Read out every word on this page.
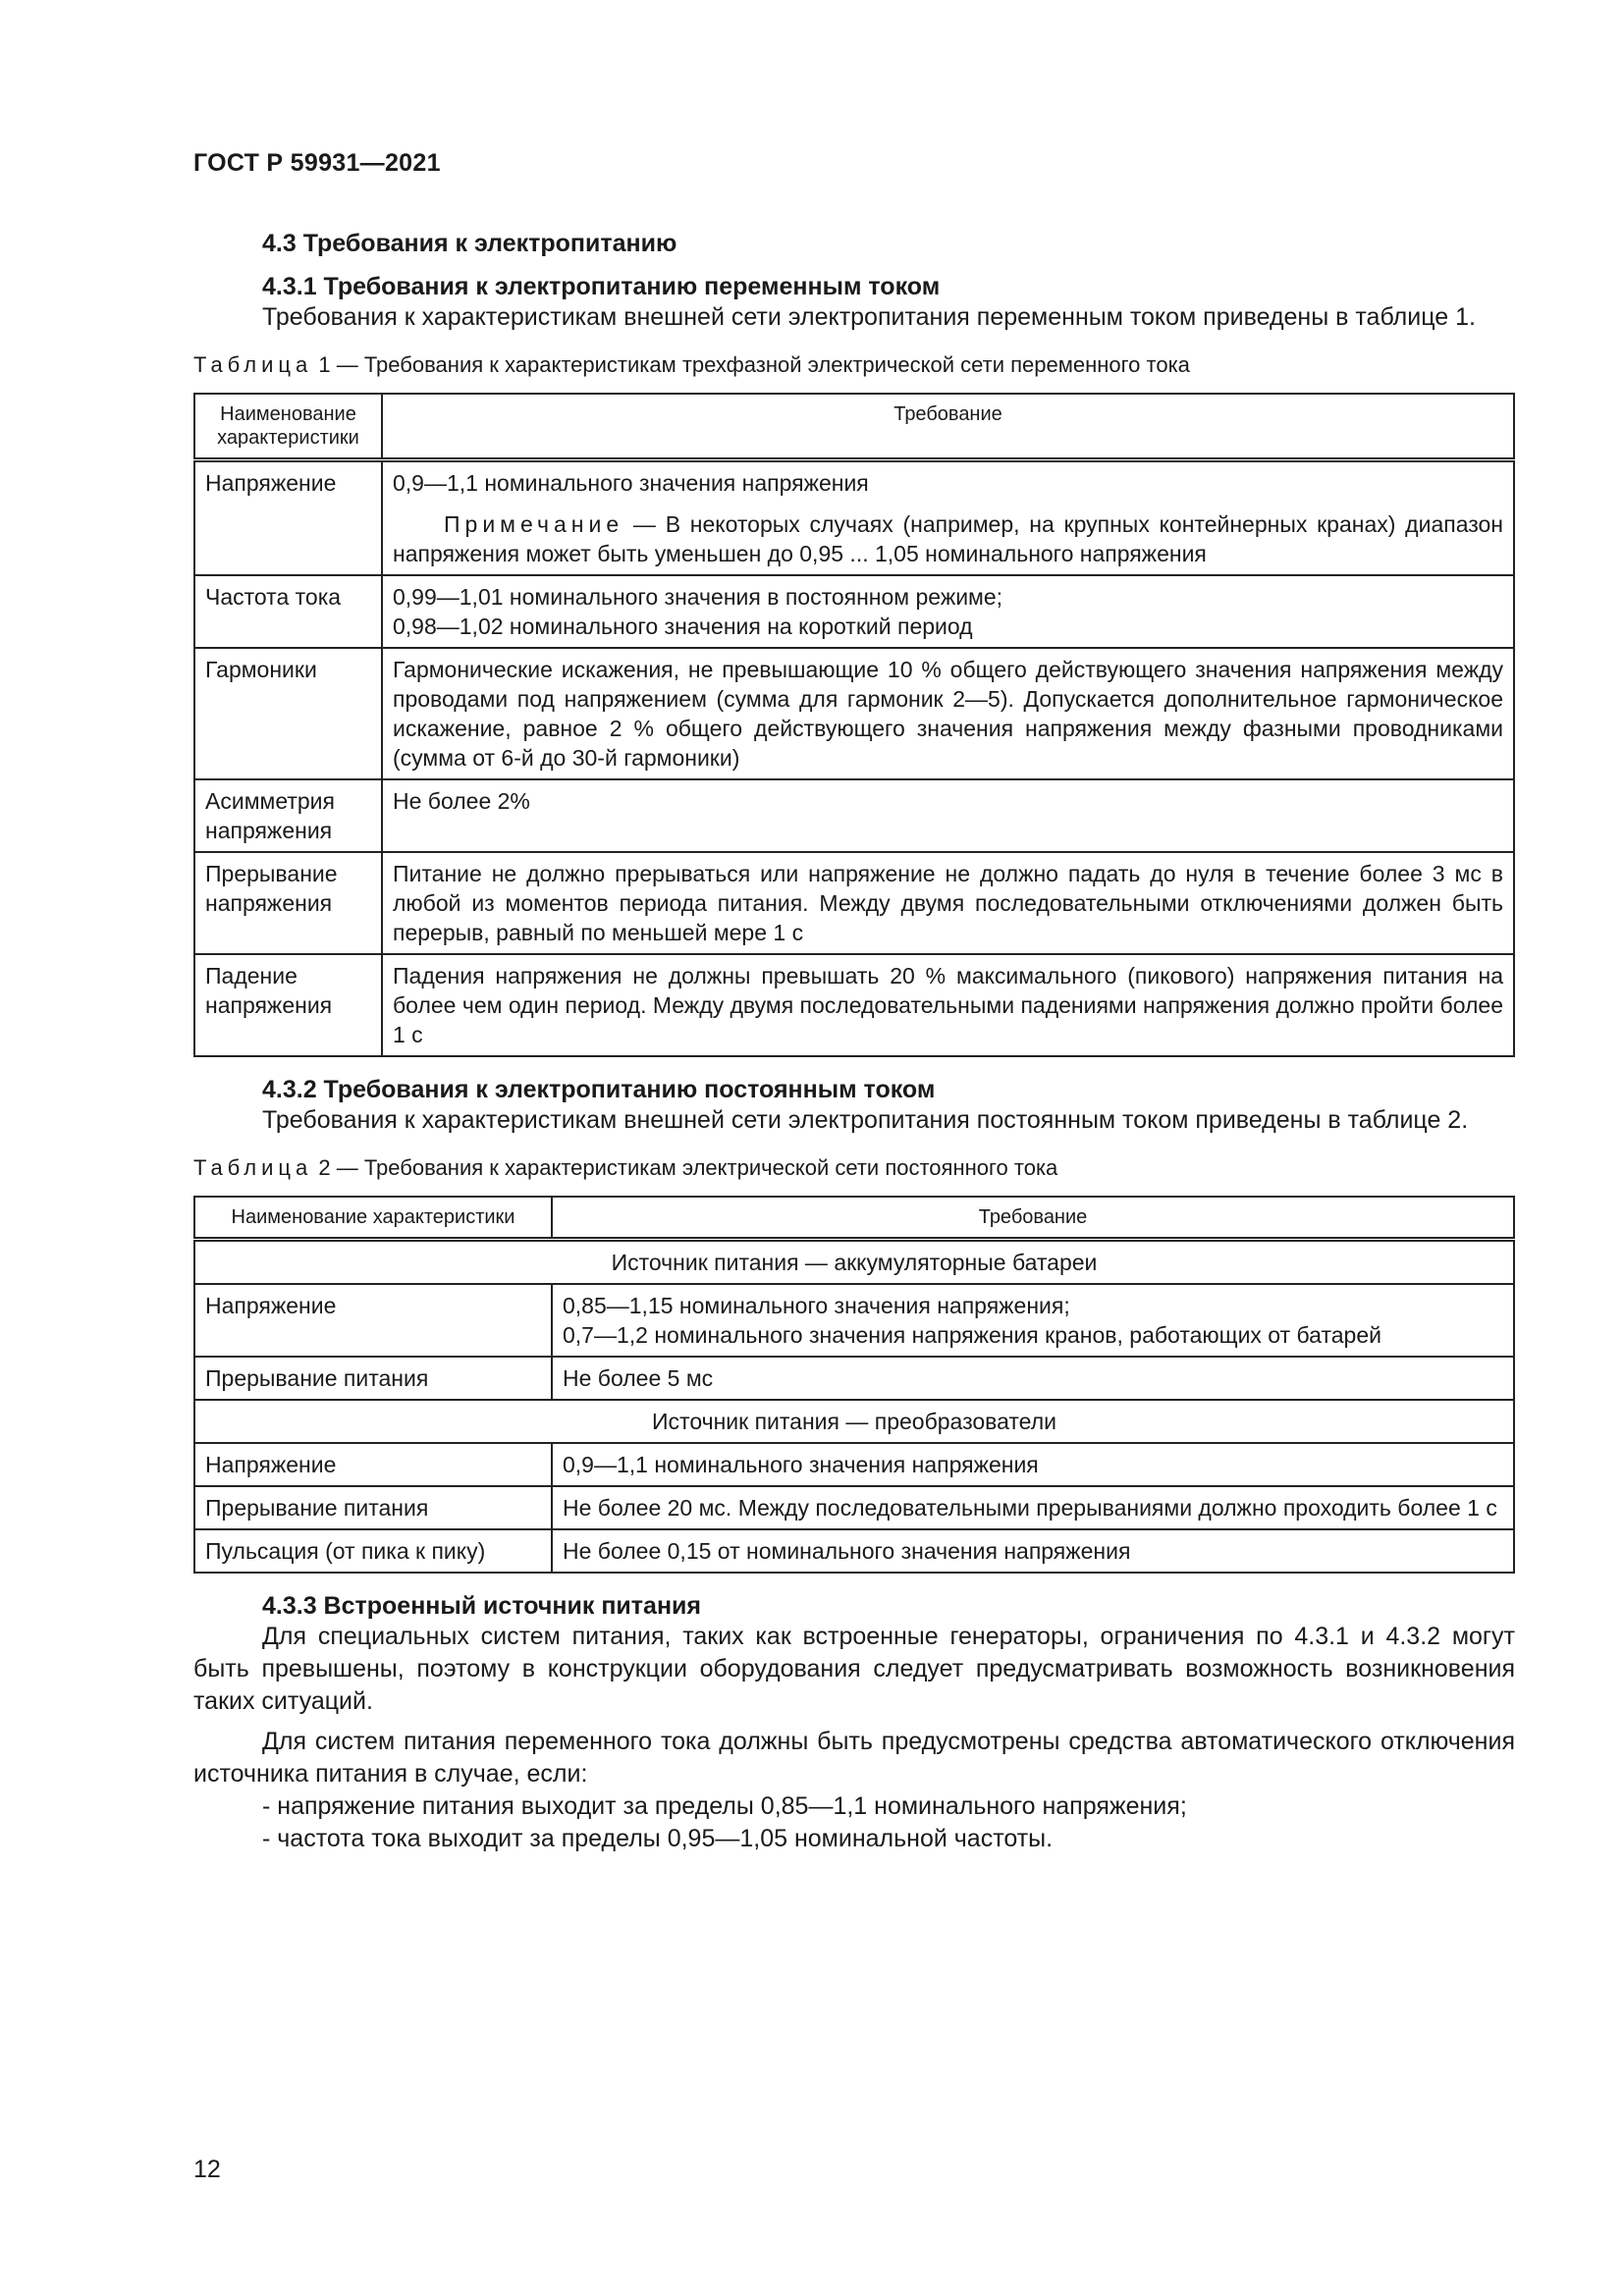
ГОСТ Р 59931—2021

4.3 Требования к электропитанию

4.3.1 Требования к электропитанию переменным током

Требования к характеристикам внешней сети электропитания переменным током приведены в таблице 1.

Таблица 1 — Требования к характеристикам трехфазной электрической сети переменного тока

Наименование характеристики	Требование
Напряжение	0,9—1,1 номинального значения напряжения
Примечание — В некоторых случаях (например, на крупных контейнерных кранах) диапазон напряжения может быть уменьшен до 0,95 ... 1,05 номинального напряжения

Частота тока	0,99—1,01 номинального значения в постоянном режиме;
0,98—1,02 номинального значения на короткий период

Гармоники	Гармонические искажения, не превышающие 10 % общего действующего значения напряжения между проводами под напряжением (сумма для гармоник 2—5). Допускается дополнительное гармоническое искажение, равное 2 % общего действующего значения напряжения между фазными проводниками (сумма от 6-й до 30-й гармоники)
Асимметрия напряжения	Не более 2%
Прерывание напряжения	Питание не должно прерываться или напряжение не должно падать до нуля в течение более 3 мс в любой из моментов периода питания. Между двумя последовательными отключениями должен быть перерыв, равный по меньшей мере 1 с
Падение напряжения	Падения напряжения не должны превышать 20 % максимального (пикового) напряжения питания на более чем один период. Между двумя последовательными падениями напряжения должно пройти более 1 с

4.3.2 Требования к электропитанию постоянным током

Требования к характеристикам внешней сети электропитания постоянным током приведены в таблице 2.

Таблица 2 — Требования к характеристикам электрической сети постоянного тока

Наименование характеристики	Требование
Источник питания — аккумуляторные батареи	
Напряжение	0,85—1,15 номинального значения напряжения;
0,7—1,2 номинального значения напряжения кранов, работающих от батарей

Прерывание питания	Не более 5 мс
Источник питания — преобразователи	
Напряжение	0,9—1,1 номинального значения напряжения
Прерывание питания	Не более 20 мс. Между последовательными прерываниями должно проходить более 1 с
Пульсация (от пика к пику)	Не более 0,15 от номинального значения напряжения

4.3.3 Встроенный источник питания

Для специальных систем питания, таких как встроенные генераторы, ограничения по 4.3.1 и 4.3.2 могут быть превышены, поэтому в конструкции оборудования следует предусматривать возможность возникновения таких ситуаций.

Для систем питания переменного тока должны быть предусмотрены средства автоматического отключения источника питания в случае, если:

- напряжение питания выходит за пределы 0,85—1,1 номинального напряжения;

- частота тока выходит за пределы 0,95—1,05 номинальной частоты.

12
